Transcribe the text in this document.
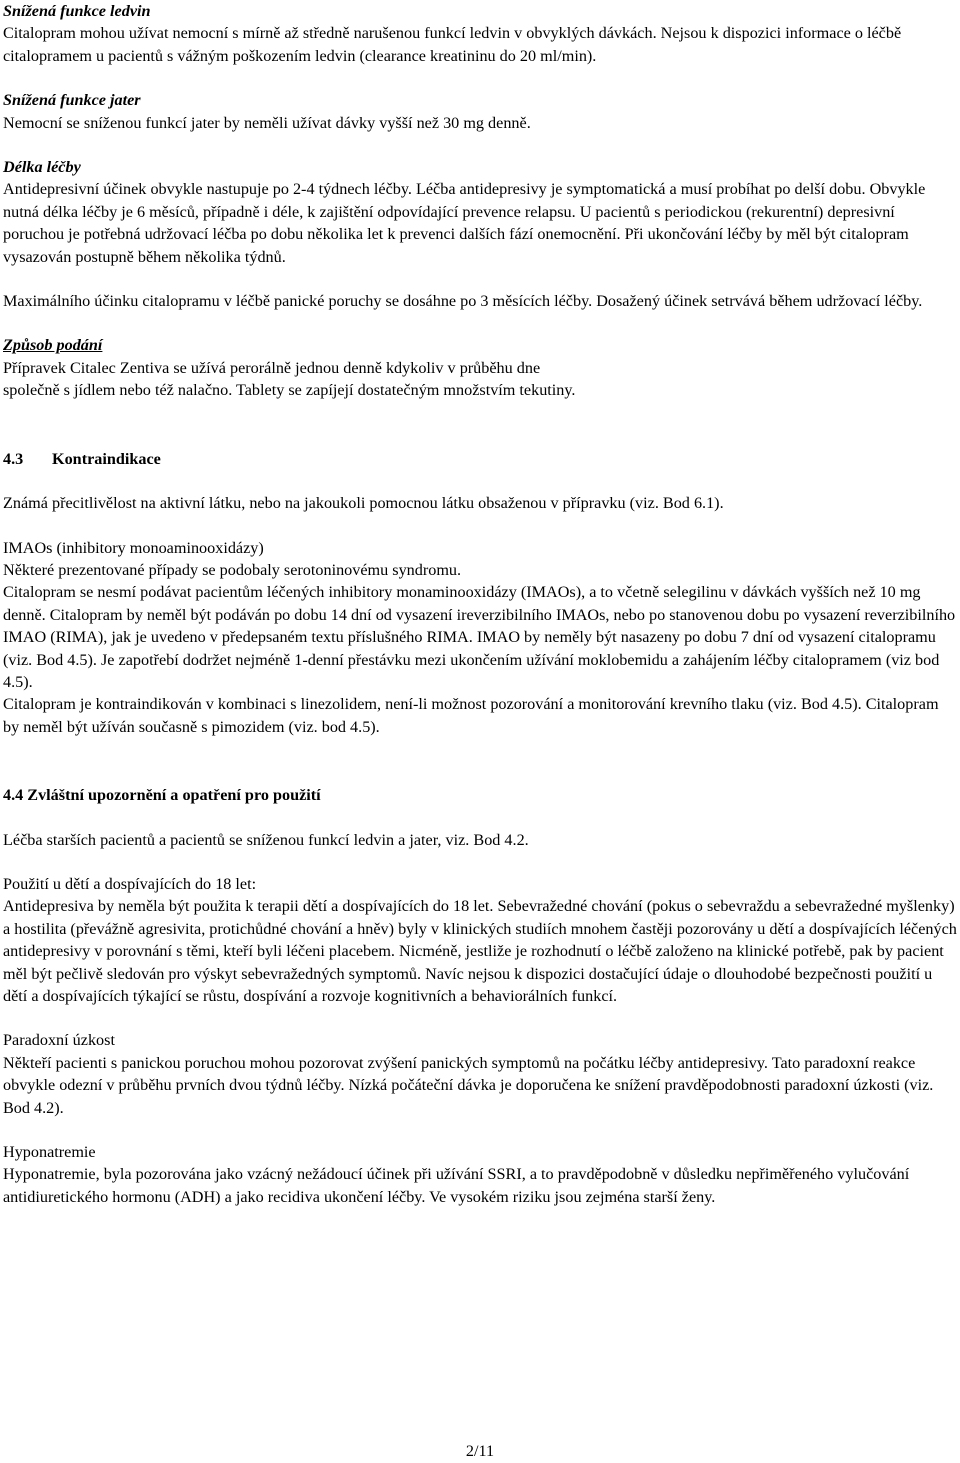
Snížená funkce ledvin

Citalopram mohou užívat nemocní s mírně až středně narušenou funkcí ledvin v obvyklých dávkách. Nejsou k dispozici informace o léčbě citalopramem u pacientů s vážným poškozením ledvin (clearance kreatininu do 20 ml/min).

Snížená funkce jater

Nemocní se sníženou funkcí jater by neměli užívat dávky vyšší než 30 mg denně.

Délka léčby

Antidepresivní účinek obvykle nastupuje po 2-4 týdnech léčby. Léčba antidepresivy je symptomatická a musí probíhat po delší dobu. Obvykle nutná délka léčby je 6 měsíců, případně i déle, k zajištění odpovídající prevence relapsu. U pacientů s periodickou (rekurentní) depresivní poruchou je potřebná udržovací léčba po dobu několika let k prevenci dalších fází onemocnění. Při ukončování léčby by měl být citalopram vysazován postupně během několika týdnů.

Maximálního účinku citalopramu v léčbě panické poruchy se dosáhne po 3 měsících léčby. Dosažený účinek setrvává během udržovací léčby.

Způsob podání

Přípravek Citalec Zentiva se užívá perorálně jednou denně kdykoliv v průběhu dne

společně s jídlem nebo též nalačno. Tablety se zapíjejí dostatečným množstvím tekutiny.

4.3 Kontraindikace

Známá přecitlivělost na aktivní látku, nebo na jakoukoli pomocnou látku obsaženou v přípravku (viz. Bod 6.1).

IMAOs (inhibitory monoaminooxidázy)

Některé prezentované případy se podobaly serotoninovému syndromu.

Citalopram se nesmí podávat pacientům léčených inhibitory monaminooxidázy (IMAOs), a to včetně selegilinu v dávkách vyšších než 10 mg denně. Citalopram by neměl být podáván po dobu 14 dní od vysazení ireverzibilního IMAOs, nebo po stanovenou dobu po vysazení reverzibilního IMAO (RIMA), jak je uvedeno v předepsaném textu příslušného RIMA. IMAO by neměly být nasazeny po dobu 7 dní od vysazení citalopramu (viz. Bod 4.5). Je zapotřebí dodržet nejméně 1-denní přestávku mezi ukončením užívání moklobemidu a zahájením léčby citalopramem (viz bod 4.5).

Citalopram je kontraindikován v kombinaci s linezolidem, není-li možnost pozorování a monitorování krevního tlaku (viz. Bod 4.5). Citalopram by neměl být užíván současně s pimozidem (viz. bod 4.5).

4.4 Zvláštní upozornění a opatření pro použití

Léčba starších pacientů a pacientů se sníženou funkcí ledvin a jater, viz. Bod 4.2.

Použití u dětí a dospívajících do 18 let:

Antidepresiva by neměla být použita k terapii dětí a dospívajících do 18 let. Sebevražedné chování (pokus o sebevraždu a sebevražedné myšlenky) a hostilita (převážně agresivita, protichůdné chování a hněv) byly v klinických studiích mnohem častěji pozorovány u dětí a dospívajících léčených antidepresivy v porovnání s těmi, kteří byli léčeni placebem. Nicméně, jestliže je rozhodnutí o léčbě založeno na klinické potřebě, pak by pacient měl být pečlivě sledován pro výskyt sebevražedných symptomů. Navíc nejsou k dispozici dostačující údaje o dlouhodobé bezpečnosti použití u dětí a dospívajících týkající se růstu, dospívání a rozvoje kognitivních a behaviorálních funkcí.

Paradoxní úzkost

Někteří pacienti s panickou poruchou mohou pozorovat zvýšení panických symptomů na počátku léčby antidepresivy. Tato paradoxní reakce obvykle odezní v průběhu prvních dvou týdnů léčby. Nízká počáteční dávka je doporučena ke snížení pravděpodobnosti paradoxní úzkosti (viz. Bod 4.2).

Hyponatremie

Hyponatremie, byla pozorována jako vzácný nežádoucí účinek při užívání SSRI, a to pravděpodobně v důsledku nepřiměřeného vylučování antidiuretického hormonu (ADH) a jako recidiva ukončení léčby. Ve vysokém riziku jsou zejména starší ženy.

2/11
